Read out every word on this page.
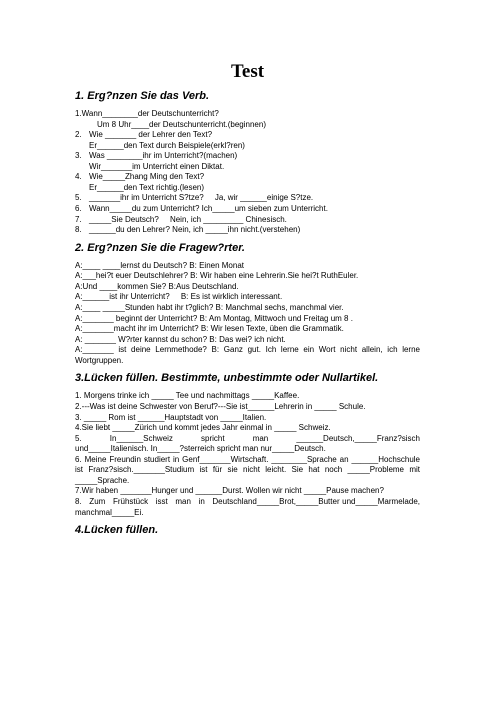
Test
1. Erg?nzen Sie das Verb.
1.Wann________der Deutschunterricht?
Um 8 Uhr____der Deutschunterricht.(beginnen)
2. Wie _______ der Lehrer den Text?
Er______den Text durch Beispiele(erkl?ren)
3. Was ________ihr im Unterricht?(machen)
Wir_______im Unterricht einen Diktat.
4. Wie_____Zhang Ming den Text?
Er______den Text richtig.(lesen)
5. _______ihr im Unterricht S?tze?     Ja, wir ______einige S?tze.
6. Wann_____du zum Unterricht? Ich_____um sieben zum Unterricht.
7. _____Sie Deutsch?     Nein, ich _________ Chinesisch.
8. ______du den Lehrer? Nein, ich _____ihn nicht.(verstehen)
2. Erg?nzen Sie die Fragew?rter.
A:____ ____lernst du Deutsch? B: Einen Monat
A:___hei?t euer Deutschlehrer? B: Wir haben eine Lehrerin.Sie hei?t RuthEuler.
A:Und ____kommen Sie? B:Aus Deutschland.
A:______ist ihr Unterricht?     B: Es ist wirklich interessant.
A:____ _____Stunden habt ihr t?glich? B: Manchmal sechs, manchmal vier.
A:_______ beginnt der Unterricht? B: Am Montag, Mittwoch und Freitag um 8 .
A:_______macht ihr im Unterricht? B: Wir lesen Texte, üben die Grammatik.
A: _______ W?rter kannst du schon? B: Das wei? ich nicht.
A:_______ ist deine Lernmethode? B: Ganz gut. Ich lerne ein Wort nicht allein, ich lerne Wortgruppen.
3.Lücken füllen. Bestimmte, unbestimmte oder Nullartikel.
1. Morgens trinke ich _____ Tee und nachmittags _____Kaffee.
2.---Was ist deine Schwester von Beruf?---Sie ist______Lehrerin in _____ Schule.
3. _____ Rom ist ______Hauptstadt von _____Italien.
4.Sie liebt _____Zürich und kommt jedes Jahr einmal in _____ Schweiz.
5.     In______Schweiz     spricht     man     ______Deutsch,_____Franz?sisch und_____Italienisch. In_____?sterreich spricht man nur_____Deutsch.
6. Meine Freundin studiert in Genf_______Wirtschaft. ________Sprache an ______Hochschule ist Franz?sisch._______Studium ist für sie nicht leicht. Sie hat noch _____Probleme mit _____Sprache.
7.Wir haben _______Hunger und ______Durst. Wollen wir nicht _____Pause machen?
8.   Zum   Frühstück   isst   man   in   Deutschland_____Brot,_____Butter und_____Marmelade, manchmal_____Ei.
4.Lücken füllen.
